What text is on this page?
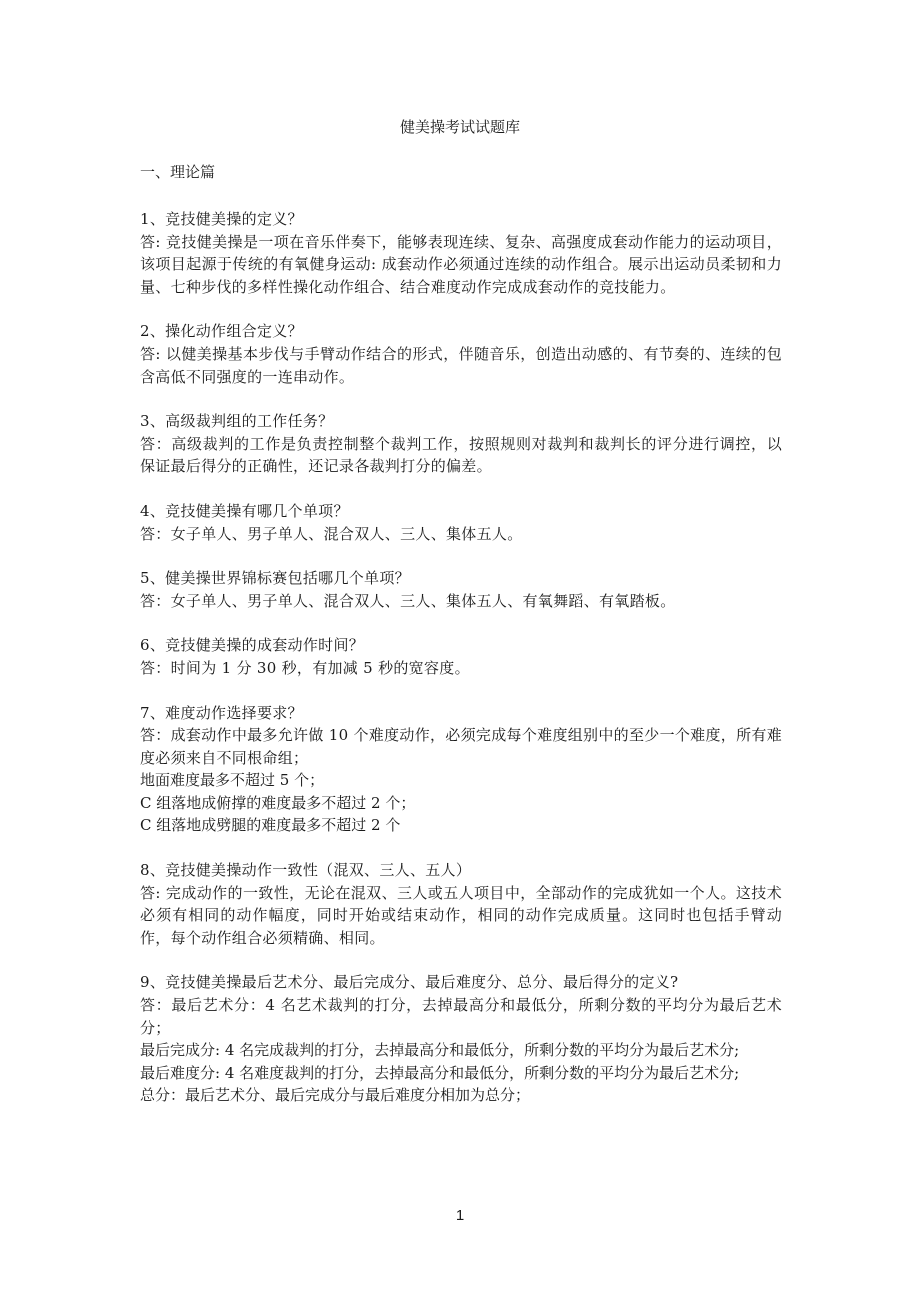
健美操考试试题库
一、理论篇
1、竞技健美操的定义？
答: 竞技健美操是一项在音乐伴奏下，能够表现连续、复杂、高强度成套动作能力的运动项目，该项目起源于传统的有氧健身运动: 成套动作必须通过连续的动作组合。展示出运动员柔韧和力量、七种步伐的多样性操化动作组合、结合难度动作完成成套动作的竞技能力。
2、操化动作组合定义？
答: 以健美操基本步伐与手臂动作结合的形式，伴随音乐，创造出动感的、有节奏的、连续的包含高低不同强度的一连串动作。
3、高级裁判组的工作任务？
答：高级裁判的工作是负责控制整个裁判工作，按照规则对裁判和裁判长的评分进行调控，以保证最后得分的正确性，还记录各裁判打分的偏差。
4、竞技健美操有哪几个单项？
答：女子单人、男子单人、混合双人、三人、集体五人。
5、健美操世界锦标赛包括哪几个单项？
答：女子单人、男子单人、混合双人、三人、集体五人、有氧舞蹈、有氧踏板。
6、竞技健美操的成套动作时间？
答：时间为 1 分 30 秒，有加减 5 秒的宽容度。
7、难度动作选择要求？
答：成套动作中最多允许做 10 个难度动作，必须完成每个难度组别中的至少一个难度，所有难度必须来自不同根命组；
地面难度最多不超过 5 个；
C 组落地成俯撑的难度最多不超过 2 个；
C 组落地成劈腿的难度最多不超过 2 个
8、竞技健美操动作一致性（混双、三人、五人）
答: 完成动作的一致性，无论在混双、三人或五人项目中，全部动作的完成犹如一个人。这技术必须有相同的动作幅度，同时开始或结束动作，相同的动作完成质量。这同时也包括手臂动作，每个动作组合必须精确、相同。
9、竞技健美操最后艺术分、最后完成分、最后难度分、总分、最后得分的定义?
答：最后艺术分：4 名艺术裁判的打分，去掉最高分和最低分，所剩分数的平均分为最后艺术分；
最后完成分: 4 名完成裁判的打分，去掉最高分和最低分，所剩分数的平均分为最后艺术分;
最后难度分: 4 名难度裁判的打分，去掉最高分和最低分，所剩分数的平均分为最后艺术分;
总分：最后艺术分、最后完成分与最后难度分相加为总分；
1
